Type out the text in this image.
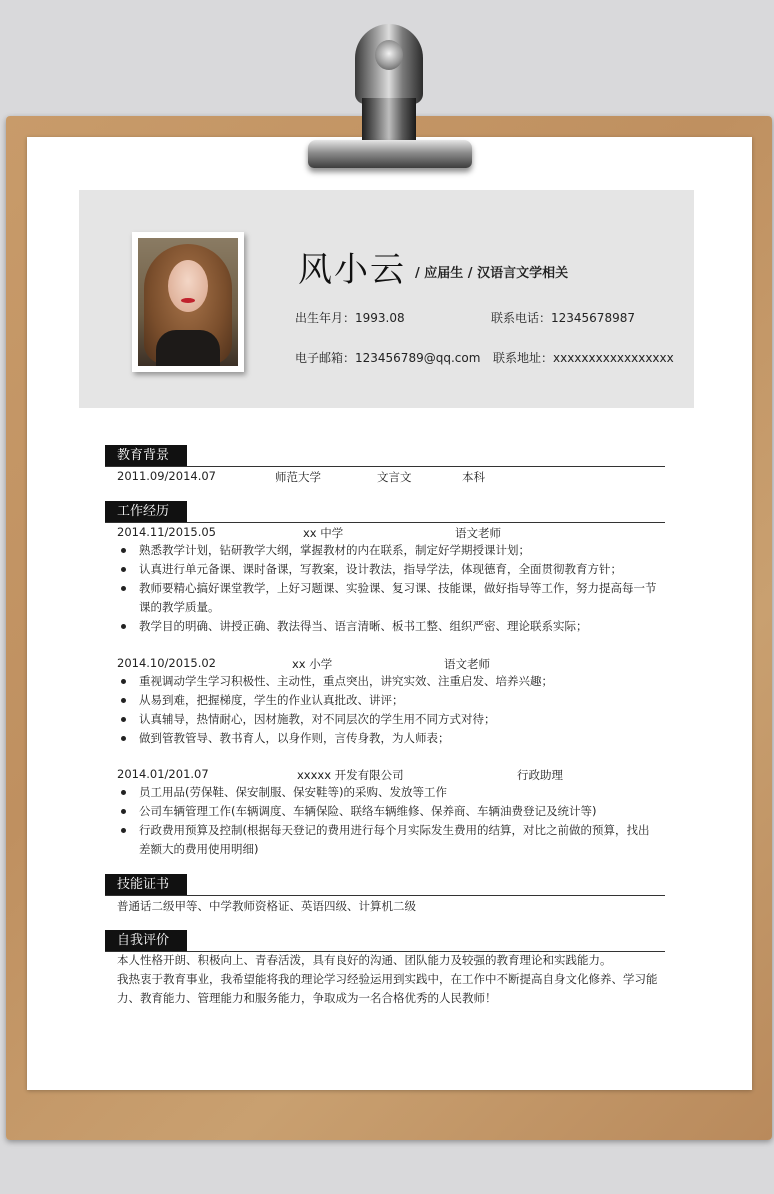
风小云 / 应届生 / 汉语言文学相关
出生年月：1993.08	联系电话：12345678987
电子邮箱：123456789@qq.com 联系地址：xxxxxxxxxxxxxxxxx
教育背景
2011.09/2014.07	师范大学	文言文	本科
工作经历
2014.11/2015.05	xx 中学	语文老师
熟悉教学计划，钻研教学大纲，掌握教材的内在联系，制定好学期授课计划；
认真进行单元备课、课时备课，写教案，设计教法，指导学法，体现德育，全面贯彻教育方针；
教师要精心搞好课堂教学，上好习题课、实验课、复习课、技能课，做好指导等工作，努力提高每一节课的教学质量。
教学目的明确、讲授正确、教法得当、语言清晰、板书工整、组织严密、理论联系实际；
2014.10/2015.02	xx 小学	语文老师
重视调动学生学习积极性、主动性，重点突出，讲究实效、注重启发、培养兴趣；
从易到难，把握梯度，学生的作业认真批改、讲评；
认真辅导，热情耐心，因材施教，对不同层次的学生用不同方式对待；
做到管教管导、教书育人，以身作则，言传身教，为人师表；
2014.01/201.07	xxxxx 开发有限公司	行政助理
员工用品(劳保鞋、保安制服、保安鞋等)的采购、发放等工作
公司车辆管理工作(车辆调度、车辆保险、联络车辆维修、保养商、车辆油费登记及统计等)
行政费用预算及控制(根据每天登记的费用进行每个月实际发生费用的结算，对比之前做的预算，找出差额大的费用使用明细)
技能证书
普通话二级甲等、中学教师资格证、英语四级、计算机二级
自我评价
本人性格开朗、积极向上、青春活泼，具有良好的沟通、团队能力及较强的教育理论和实践能力。
我热衷于教育事业，我希望能将我的理论学习经验运用到实践中，在工作中不断提高自身文化修养、学习能力、教育能力、管理能力和服务能力，争取成为一名合格优秀的人民教师！
